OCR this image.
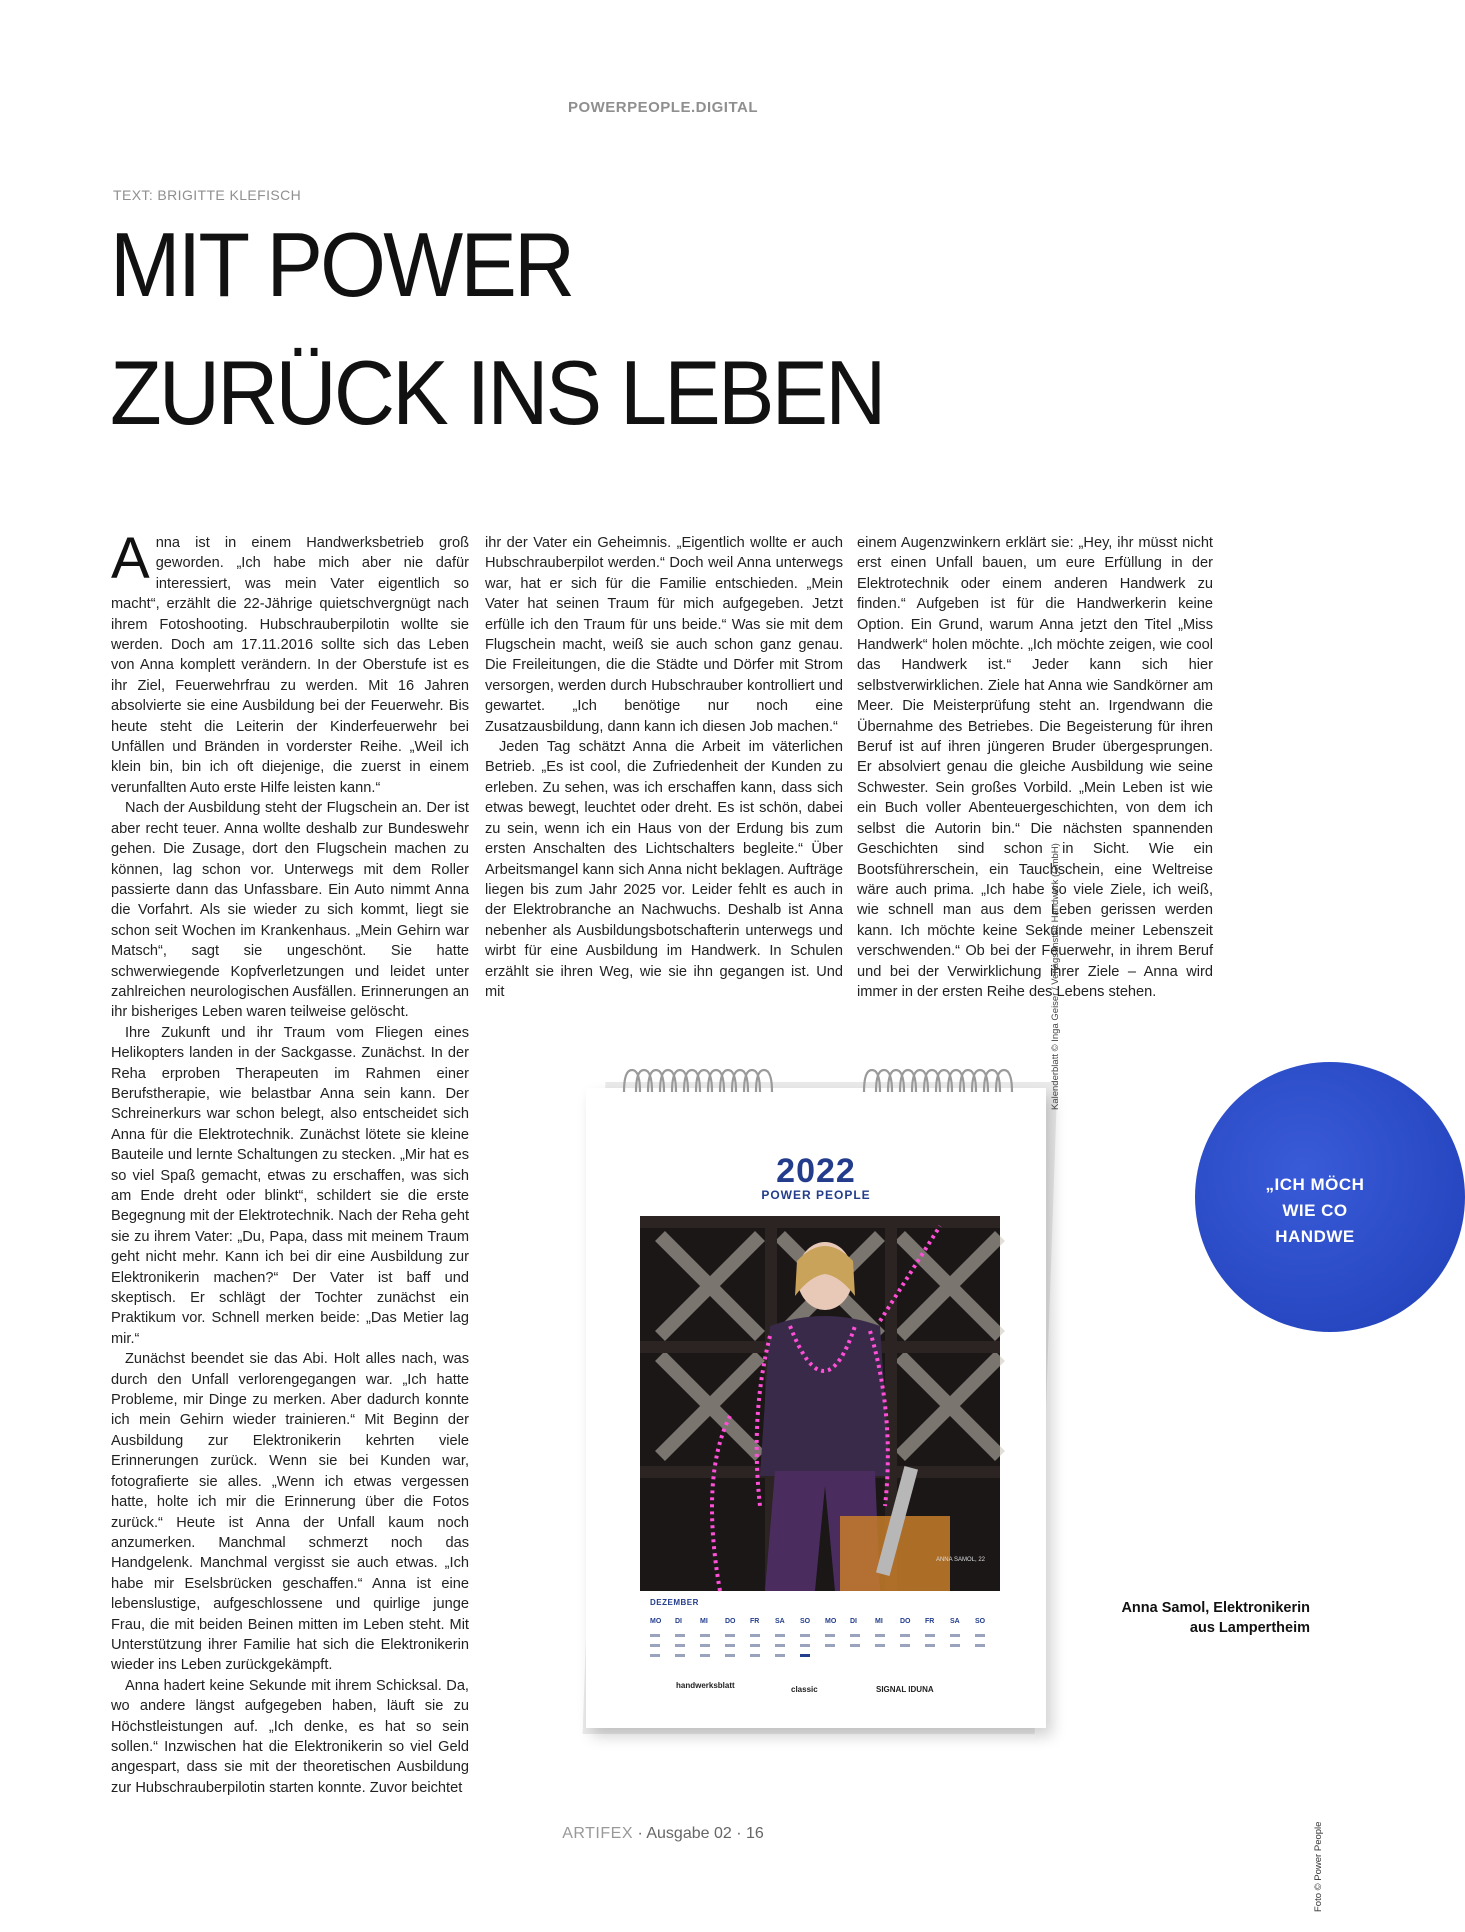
POWERPEOPLE.DIGITAL
TEXT: BRIGITTE KLEFISCH
MIT POWER
ZURÜCK INS LEBEN

Anna ist in einem Handwerksbetrieb groß geworden. „Ich habe mich aber nie dafür interessiert, was mein Vater eigentlich so macht“, erzählt die 22-Jährige quietschvergnügt nach ihrem Fotoshooting. Hubschrauberpilotin wollte sie werden. Doch am 17.11.2016 sollte sich das Leben von Anna komplett verändern. In der Oberstufe ist es ihr Ziel, Feuerwehrfrau zu werden. Mit 16 Jahren absolvierte sie eine Ausbildung bei der Feuerwehr. Bis heute steht die Leiterin der Kinderfeuerwehr bei Unfällen und Bränden in vorderster Reihe. „Weil ich klein bin, bin ich oft diejenige, die zuerst in einem verunfallten Auto erste Hilfe leisten kann.“

Nach der Ausbildung steht der Flugschein an. Der ist aber recht teuer. Anna wollte deshalb zur Bundeswehr gehen. Die Zusage, dort den Flugschein machen zu können, lag schon vor. Unterwegs mit dem Roller passierte dann das Unfassbare. Ein Auto nimmt Anna die Vorfahrt. Als sie wieder zu sich kommt, liegt sie schon seit Wochen im Krankenhaus. „Mein Gehirn war Matsch“, sagt sie ungeschönt. Sie hatte schwerwiegende Kopfverletzungen und leidet unter zahlreichen neurologischen Ausfällen. Erinnerungen an ihr bisheriges Leben waren teilweise gelöscht.

Ihre Zukunft und ihr Traum vom Fliegen eines Helikopters landen in der Sackgasse. Zunächst. In der Reha erproben Therapeuten im Rahmen einer Berufstherapie, wie belastbar Anna sein kann. Der Schreinerkurs war schon belegt, also entscheidet sich Anna für die Elektrotechnik. Zunächst lötete sie kleine Bauteile und lernte Schaltungen zu stecken. „Mir hat es so viel Spaß gemacht, etwas zu erschaffen, was sich am Ende dreht oder blinkt“, schildert sie die erste Begegnung mit der Elektrotechnik. Nach der Reha geht sie zu ihrem Vater: „Du, Papa, dass mit meinem Traum geht nicht mehr. Kann ich bei dir eine Ausbildung zur Elektronikerin machen?“ Der Vater ist baff und skeptisch. Er schlägt der Tochter zunächst ein Praktikum vor. Schnell merken beide: „Das Metier lag mir.“

Zunächst beendet sie das Abi. Holt alles nach, was durch den Unfall verlorengegangen war. „Ich hatte Probleme, mir Dinge zu merken. Aber dadurch konnte ich mein Gehirn wieder trainieren.“ Mit Beginn der Ausbildung zur Elektronikerin kehrten viele Erinnerungen zurück. Wenn sie bei Kunden war, fotografierte sie alles. „Wenn ich etwas vergessen hatte, holte ich mir die Erinnerung über die Fotos zurück.“ Heute ist Anna der Unfall kaum noch anzumerken. Manchmal schmerzt noch das Handgelenk. Manchmal vergisst sie auch etwas. „Ich habe mir Eselsbrücken geschaffen.“ Anna ist eine lebenslustige, aufgeschlossene und quirlige junge Frau, die mit beiden Beinen mitten im Leben steht. Mit Unterstützung ihrer Familie hat sich die Elektronikerin wieder ins Leben zurückgekämpft.

Anna hadert keine Sekunde mit ihrem Schicksal. Da, wo andere längst aufgegeben haben, läuft sie zu Höchstleistungen auf. „Ich denke, es hat so sein sollen.“ Inzwischen hat die Elektronikerin so viel Geld angespart, dass sie mit der theoretischen Ausbildung zur Hubschrauberpilotin starten konnte. Zuvor beichtet

ihr der Vater ein Geheimnis. „Eigentlich wollte er auch Hubschrauberpilot werden.“ Doch weil Anna unterwegs war, hat er sich für die Familie entschieden. „Mein Vater hat seinen Traum für mich aufgegeben. Jetzt erfülle ich den Traum für uns beide.“ Was sie mit dem Flugschein macht, weiß sie auch schon ganz genau. Die Freileitungen, die die Städte und Dörfer mit Strom versorgen, werden durch Hubschrauber kontrolliert und gewartet. „Ich benötige nur noch eine Zusatzausbildung, dann kann ich diesen Job machen.“

Jeden Tag schätzt Anna die Arbeit im väterlichen Betrieb. „Es ist cool, die Zufriedenheit der Kunden zu erleben. Zu sehen, was ich erschaffen kann, dass sich etwas bewegt, leuchtet oder dreht. Es ist schön, dabei zu sein, wenn ich ein Haus von der Erdung bis zum ersten Anschalten des Lichtschalters begleite.“ Über Arbeitsmangel kann sich Anna nicht beklagen. Aufträge liegen bis zum Jahr 2025 vor. Leider fehlt es auch in der Elektrobranche an Nachwuchs. Deshalb ist Anna nebenher als Ausbildungsbotschafterin unterwegs und wirbt für eine Ausbildung im Handwerk. In Schulen erzählt sie ihren Weg, wie sie ihn gegangen ist. Und mit

einem Augenzwinkern erklärt sie: „Hey, ihr müsst nicht erst einen Unfall bauen, um eure Erfüllung in der Elektrotechnik oder einem anderen Handwerk zu finden.“ Aufgeben ist für die Handwerkerin keine Option. Ein Grund, warum Anna jetzt den Titel „Miss Handwerk“ holen möchte. „Ich möchte zeigen, wie cool das Handwerk ist.“ Jeder kann sich hier selbstverwirklichen. Ziele hat Anna wie Sandkörner am Meer. Die Meisterprüfung steht an. Irgendwann die Übernahme des Betriebes. Die Begeisterung für ihren Beruf ist auf ihren jüngeren Bruder übergesprungen. Er absolviert genau die gleiche Ausbildung wie seine Schwester. Sein großes Vorbild. „Mein Leben ist wie ein Buch voller Abenteuergeschichten, von dem ich selbst die Autorin bin.“ Die nächsten spannenden Geschichten sind schon in Sicht. Wie ein Bootsführerschein, ein Tauchschein, eine Weltreise wäre auch prima. „Ich habe so viele Ziele, ich weiß, wie schnell man aus dem Leben gerissen werden kann. Ich möchte keine Sekunde meiner Lebenszeit verschwenden.“ Ob bei der Feuerwehr, in ihrem Beruf und bei der Verwirklichung ihrer Ziele – Anna wird immer in der ersten Reihe des Lebens stehen.

2022
POWER PEOPLE
ANNA SAMOL, 22
DEZEMBER
MO DI	MI DO FR SA SO MO DI	MI DO FR SA SO
handwerksblatt	classic	SIGNAL IDUNA
Kalenderblatt © Inga Geiser / Verlagsanstalt Handwerk (GmbH)
„ICH MÖCH
WIE CO
HANDWE
Anna Samol, Elektronikerin
aus Lampertheim
ARTIFEX · Ausgabe 02 · 16	Foto © Power People
